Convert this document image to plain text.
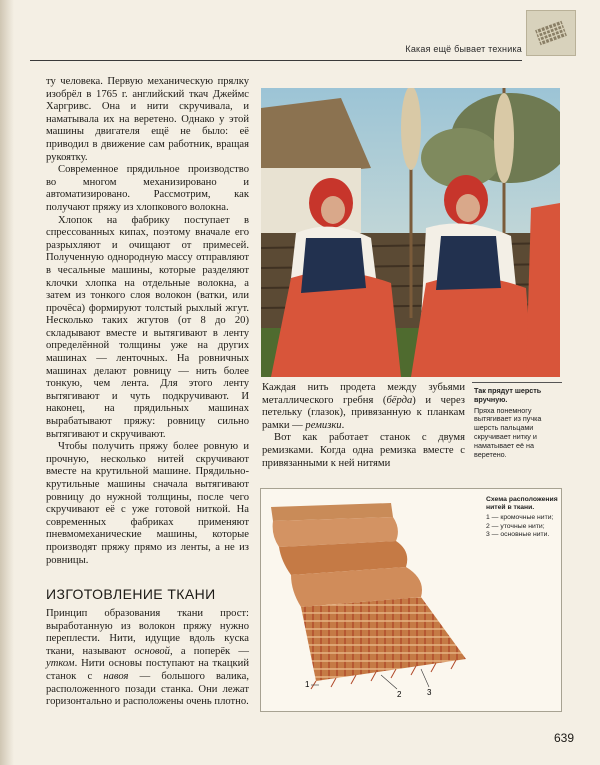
Какая ещё бывает техника

ту человека. Первую механическую прялку изобрёл в 1765 г. английский ткач Джеймс Харгривс. Она и нити скручивала, и наматывала их на веретено. Однако у этой машины двигателя ещё не было: её приводил в движение сам работник, вращая рукоятку.

Современное прядильное производство во многом механизировано и автоматизировано. Рассмотрим, как получают пряжу из хлопкового волокна.

Хлопок на фабрику поступает в спрессованных кипах, поэтому вначале его разрыхляют и очищают от примесей. Полученную однородную массу отправляют в чесальные машины, которые разделяют клочки хлопка на отдельные волокна, а затем из тонкого слоя волокон (ватки, или прочёса) формируют толстый рыхлый жгут. Несколько таких жгутов (от 8 до 20) складывают вместе и вытягивают в ленту определённой толщины уже на других машинах — ленточных. На ровничных машинах делают ровницу — нить более тонкую, чем лента. Для этого ленту вытягивают и чуть подкручивают. И наконец, на прядильных машинах вырабатывают пряжу: ровницу сильно вытягивают и скручивают.

Чтобы получить пряжу более ровную и прочную, несколько нитей скручивают вместе на крутильной машине. Прядильно-крутильные машины сначала вытягивают ровницу до нужной толщины, после чего скручивают её с уже готовой ниткой. На современных фабриках применяют пневмомеханические машины, которые производят пряжу прямо из ленты, а не из ровницы.

ИЗГОТОВЛЕНИЕ ТКАНИ

Принцип образования ткани прост: выработанную из волокон пряжу нужно переплести. Нити, идущие вдоль куска ткани, называют основой, а поперёк — утком. Нити основы поступают на ткацкий станок с навоя — большого валика, расположенного позади станка. Они лежат горизонтально и расположены очень плотно.

Так прядут шерсть вручную.
Пряха понемногу вытягивает из пучка шерсть пальцами скручивает нитку и наматывает её на веретено.

Каждая нить продета между зубьями металлического гребня (бёрда) и через петельку (глазок), привязанную к планкам рамки — ремизки.

Вот как работает станок с двумя ремизками. Когда одна ремизка вместе с привязанными к ней нитями

1
2	3
Схема расположения нитей в ткани.
1 — кромочные нити;
2 — уточные нити;
3 — основные нити.
639
